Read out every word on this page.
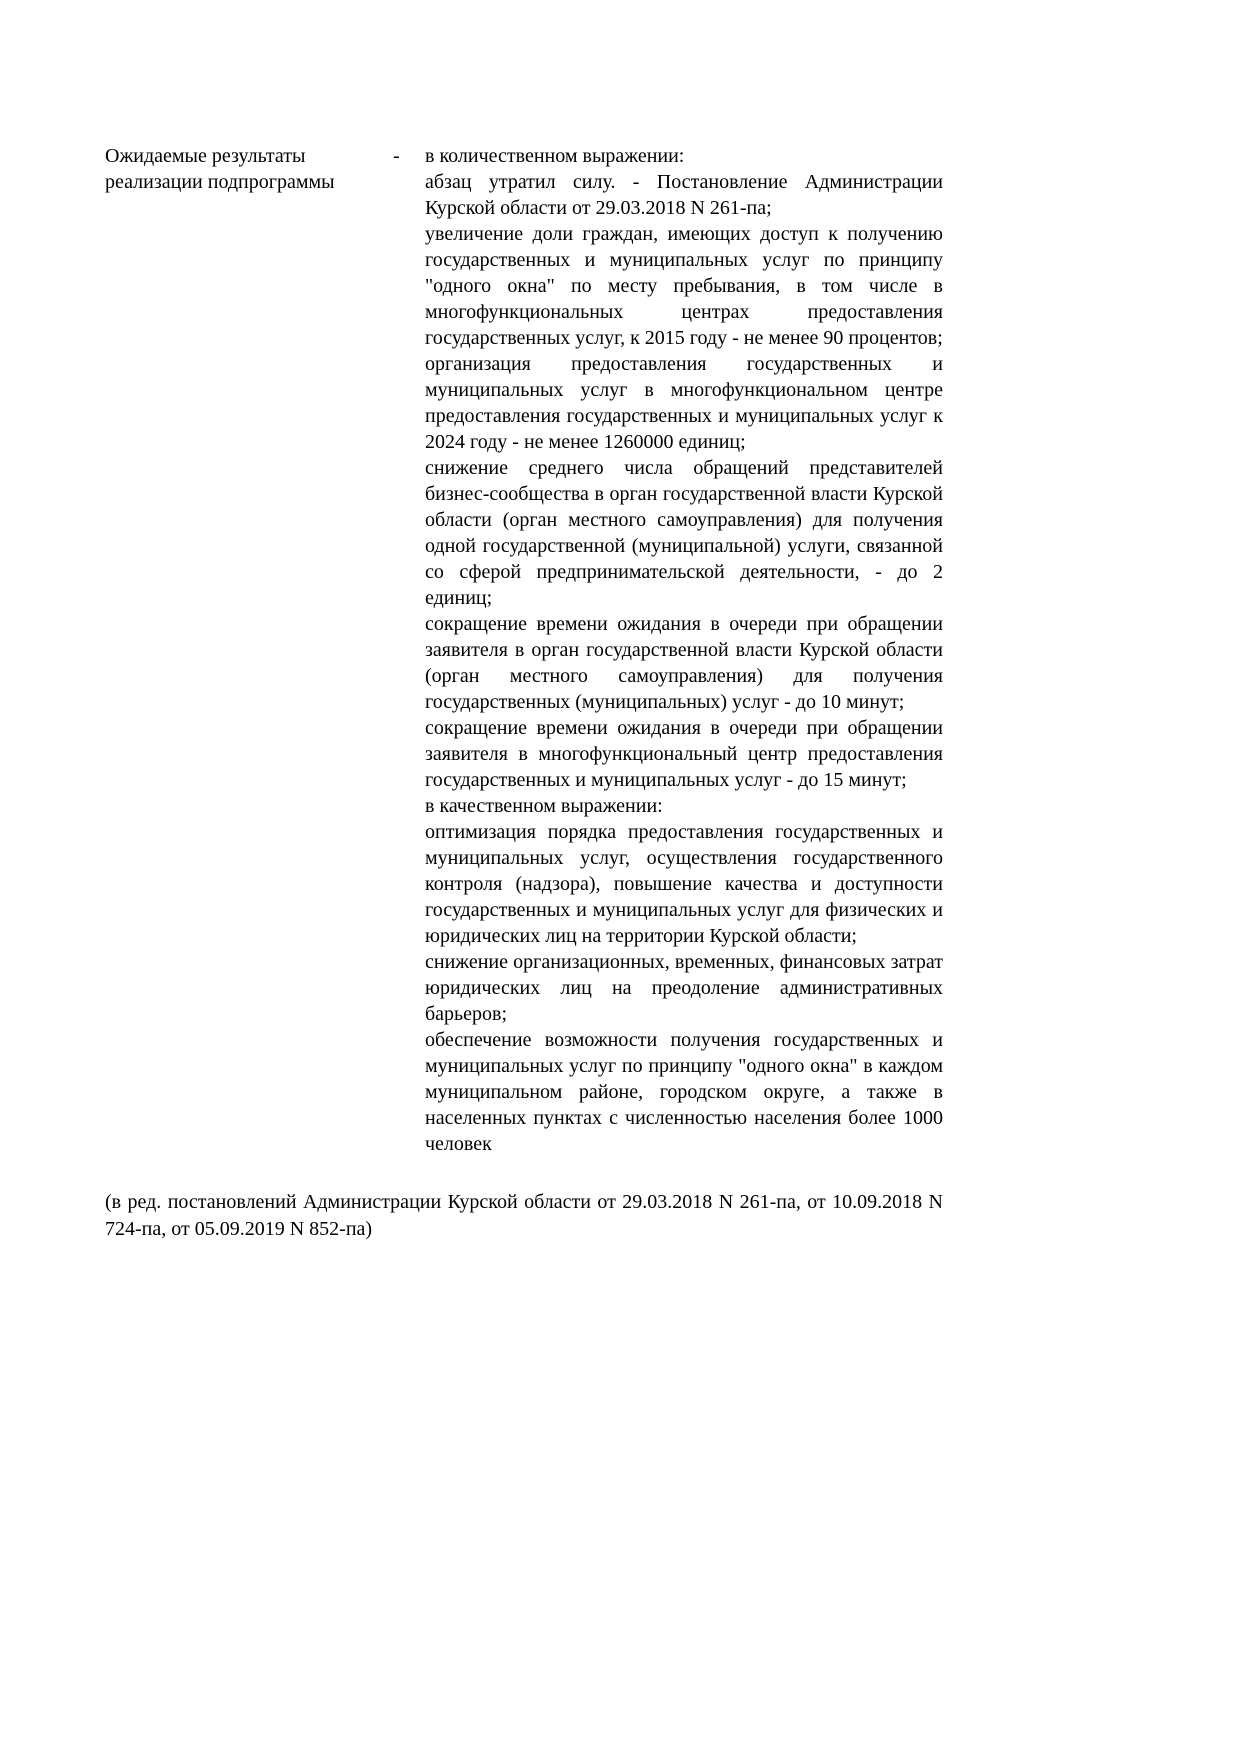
Ожидаемые результаты реализации подпрограммы
-	в количественном выражении:

абзац утратил силу. - Постановление Администрации Курской области от 29.03.2018 N 261-па;

увеличение доли граждан, имеющих доступ к получению государственных и муниципальных услуг по принципу "одного окна" по месту пребывания, в том числе в многофункциональных центрах предоставления государственных услуг, к 2015 году - не менее 90 процентов;

организация предоставления государственных и муниципальных услуг в многофункциональном центре предоставления государственных и муниципальных услуг к 2024 году - не менее 1260000 единиц;

снижение среднего числа обращений представителей бизнес-сообщества в орган государственной власти Курской области (орган местного самоуправления) для получения одной государственной (муниципальной) услуги, связанной со сферой предпринимательской деятельности, - до 2 единиц;

сокращение времени ожидания в очереди при обращении заявителя в орган государственной власти Курской области (орган местного самоуправления) для получения государственных (муниципальных) услуг - до 10 минут;

сокращение времени ожидания в очереди при обращении заявителя в многофункциональный центр предоставления государственных и муниципальных услуг - до 15 минут;

в качественном выражении:

оптимизация порядка предоставления государственных и муниципальных услуг, осуществления государственного контроля (надзора), повышение качества и доступности государственных и муниципальных услуг для физических и юридических лиц на территории Курской области;

снижение организационных, временных, финансовых затрат юридических лиц на преодоление административных барьеров;

обеспечение возможности получения государственных и муниципальных услуг по принципу "одного окна" в каждом муниципальном районе, городском округе, а также в населенных пунктах с численностью населения более 1000 человек

(в ред. постановлений Администрации Курской области от 29.03.2018 N 261-па, от 10.09.2018 N 724-па, от 05.09.2019 N 852-па)
